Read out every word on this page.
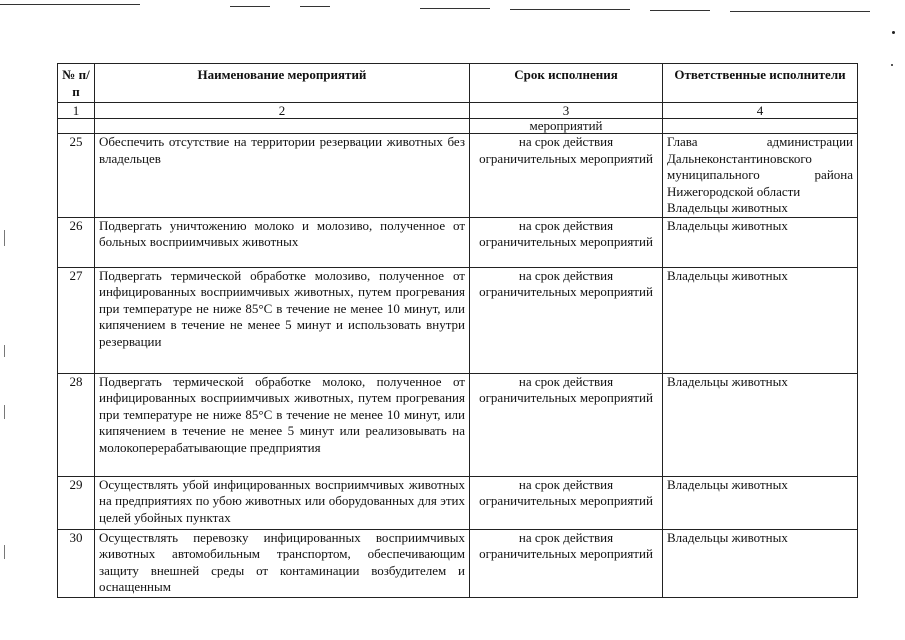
№ п/п	Наименование мероприятий	Срок исполнения	Ответственные исполнители
1	2	3	4
		мероприятий	
25	Обеспечить отсутствие на территории резервации животных без владельцев	на срок действия ограничительных мероприятий	Глава администрации
Дальнеконстантиновского
муниципального района
Нижегородской области
Владельцы животных

26	Подвергать уничтожению молоко и молозиво, полученное от больных восприимчивых животных	на срок действия ограничительных мероприятий	Владельцы животных

27	Подвергать термической обработке молозиво, полученное от инфицированных восприимчивых животных, путем прогревания при температуре не ниже 85°С в течение не менее 10 минут, или кипячением в течение не менее 5 минут и использовать внутри резервации	на срок действия ограничительных мероприятий	Владельцы животных

28	Подвергать термической обработке молоко, полученное от инфицированных восприимчивых животных, путем прогревания при температуре не ниже 85°С в течение не менее 10 минут, или кипячением в течение не менее 5 минут или реализовывать на молокоперерабатывающие предприятия	на срок действия ограничительных мероприятий	Владельцы животных

29	Осуществлять убой инфицированных восприимчивых животных на предприятиях по убою животных или оборудованных для этих целей убойных пунктах	на срок действия ограничительных мероприятий	Владельцы животных

30	Осуществлять перевозку инфицированных восприимчивых животных автомобильным транспортом, обеспечивающим защиту внешней среды от контаминации возбудителем и оснащенным	на срок действия ограничительных мероприятий	Владельцы животных
